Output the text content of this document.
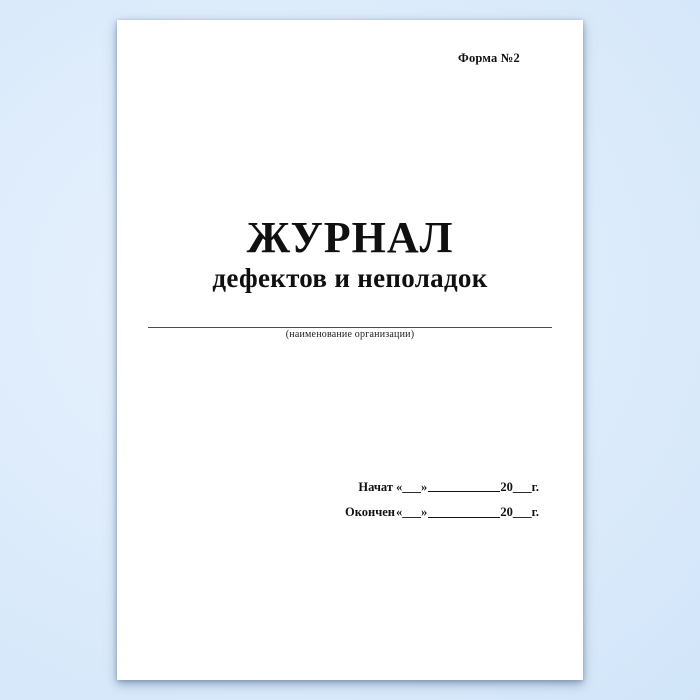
Форма №2
ЖУРНАЛ
дефектов и неполадок
(наименование организации)
Начат «___»	20___г.
Окончен «___»	20___г.
